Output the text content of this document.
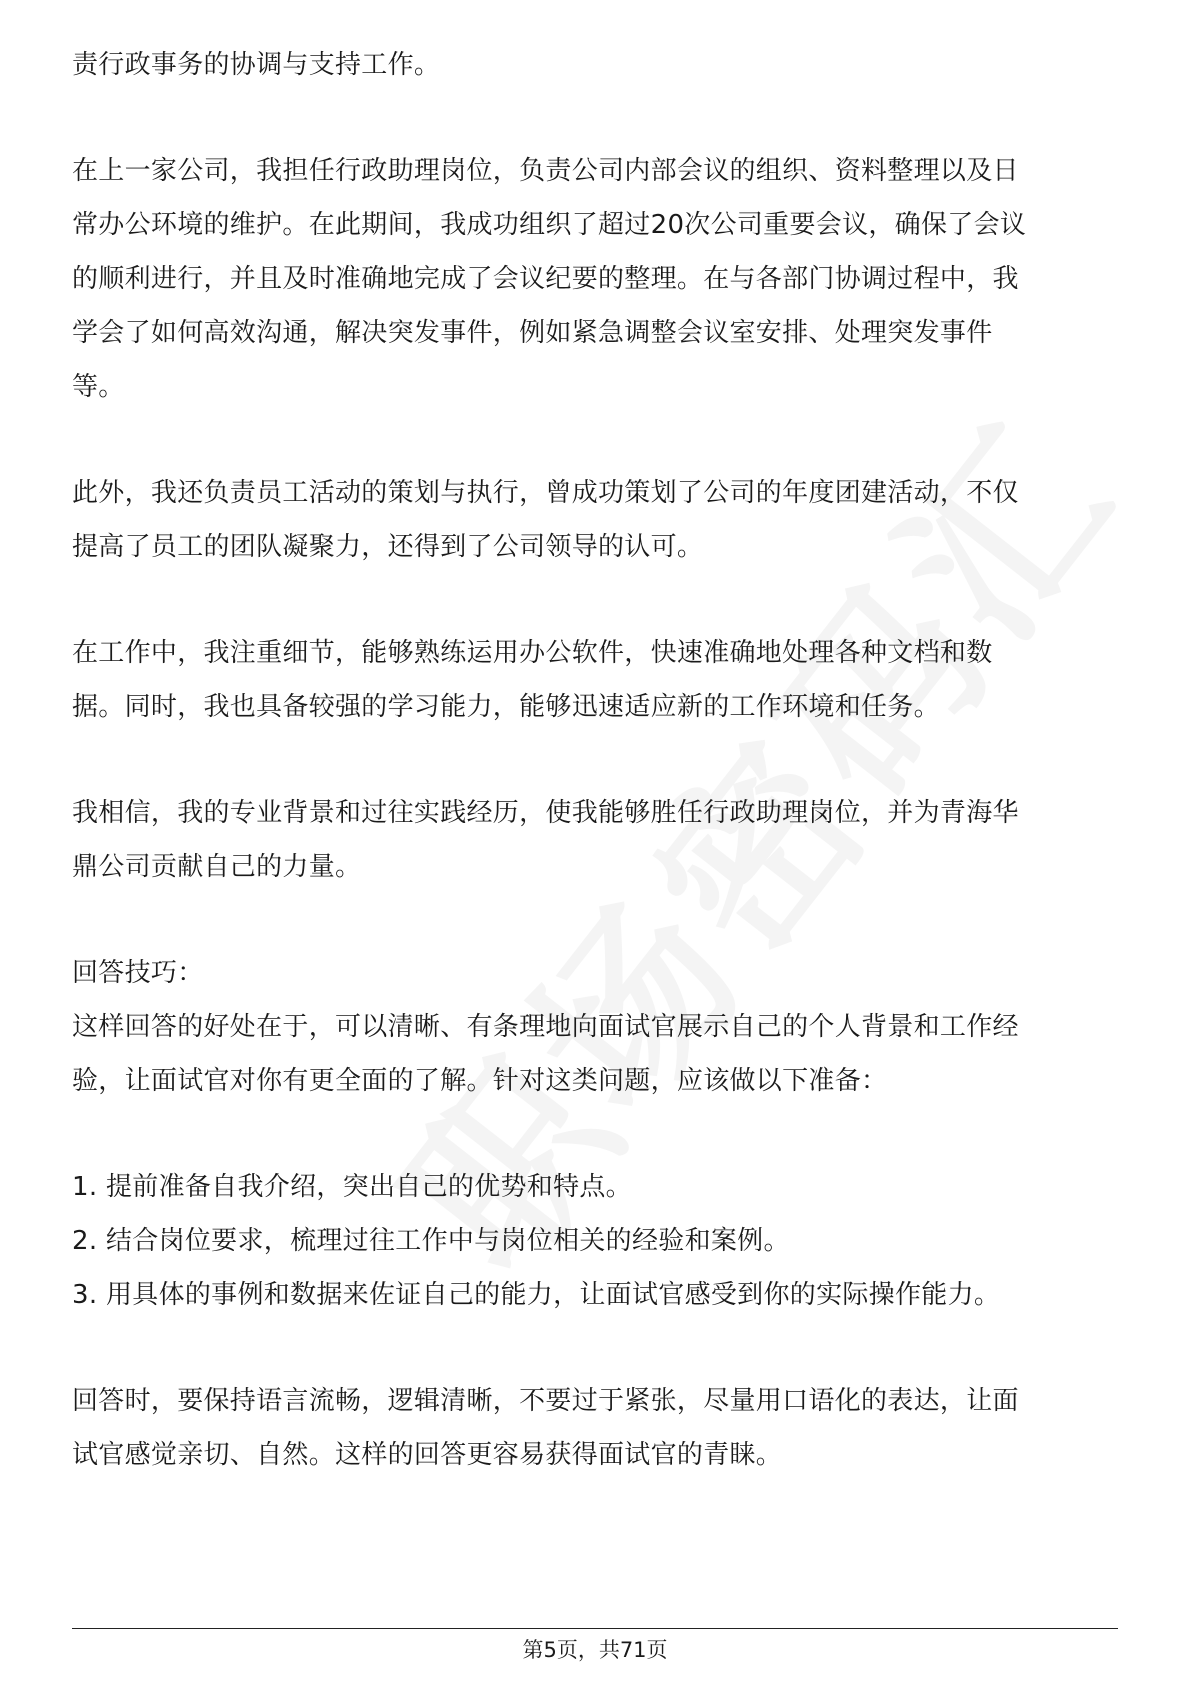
责行政事务的协调与支持工作。
在上一家公司，我担任行政助理岗位，负责公司内部会议的组织、资料整理以及日
常办公环境的维护。在此期间，我成功组织了超过20次公司重要会议，确保了会议
的顺利进行，并且及时准确地完成了会议纪要的整理。在与各部门协调过程中，我
学会了如何高效沟通，解决突发事件，例如紧急调整会议室安排、处理突发事件
等。
此外，我还负责员工活动的策划与执行，曾成功策划了公司的年度团建活动，不仅
提高了员工的团队凝聚力，还得到了公司领导的认可。
在工作中，我注重细节，能够熟练运用办公软件，快速准确地处理各种文档和数
据。同时，我也具备较强的学习能力，能够迅速适应新的工作环境和任务。
我相信，我的专业背景和过往实践经历，使我能够胜任行政助理岗位，并为青海华
鼎公司贡献自己的力量。
回答技巧：
这样回答的好处在于，可以清晰、有条理地向面试官展示自己的个人背景和工作经
验，让面试官对你有更全面的了解。针对这类问题，应该做以下准备：
1. 提前准备自我介绍，突出自己的优势和特点。
2. 结合岗位要求，梳理过往工作中与岗位相关的经验和案例。
3. 用具体的事例和数据来佐证自己的能力，让面试官感受到你的实际操作能力。
回答时，要保持语言流畅，逻辑清晰，不要过于紧张，尽量用口语化的表达，让面
试官感觉亲切、自然。这样的回答更容易获得面试官的青睐。
第5页，共71页
